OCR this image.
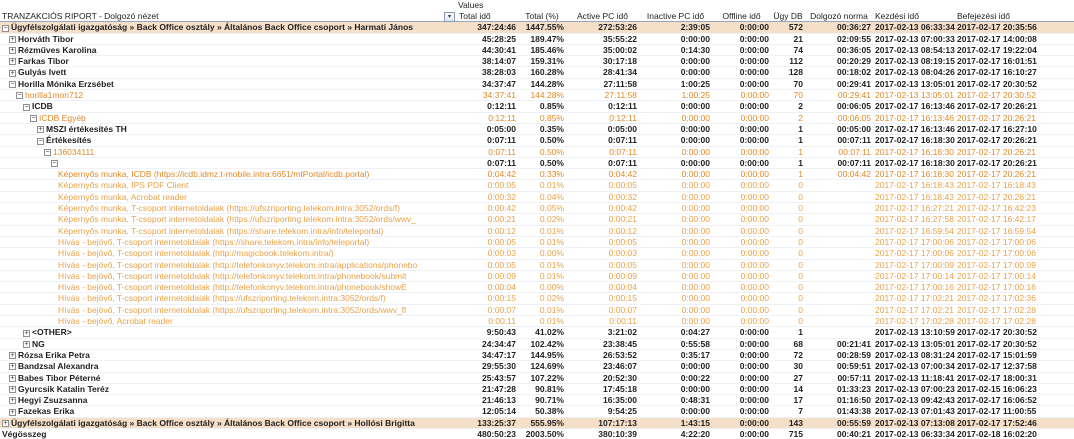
▾
	Values								
TRANZAKCIÓS RIPORT - Dolgozó nézet	Total idő	Total (%)	Active PC idő	Inactive PC idő	Offline idő	Ügy DB	Dolgozó norma	Kezdési idő	Befejezési idő
− Ügyfélszolgálati igazgatóság » Back Office osztály » Általános Back Office csoport » Harmati János	347:24:46	1447.55%	272:53:26	2:39:05	0:00:00	572	00:36:27	2017-02-13 06:33:34	2017-02-17 20:35:56
+ Horváth Tibor	45:28:25	189.47%	35:55:22	0:00:00	0:00:00	21	02:09:55	2017-02-13 07:00:33	2017-02-17 14:00:08
+ Rézműves Karolina	44:30:41	185.46%	35:00:02	0:14:30	0:00:00	74	00:36:05	2017-02-13 08:54:13	2017-02-17 19:22:04
+ Farkas Tibor	38:14:07	159.31%	30:17:18	0:00:00	0:00:00	112	00:20:29	2017-02-13 08:19:15	2017-02-17 16:01:51
+ Gulyás Ivett	38:28:03	160.28%	28:41:34	0:00:00	0:00:00	128	00:18:02	2017-02-13 08:04:26	2017-02-17 16:10:27
− Horilla Mónika Erzsébet	34:37:47	144.28%	27:11:58	1:00:25	0:00:00	70	00:29:41	2017-02-13 13:05:01	2017-02-17 20:30:52
− horilla1mon712	34:37:41	144.28%	27:11:58	1:00:25	0:00:00	70	00:29:41	2017-02-13 13:05:01	2017-02-17 20:30:52
− ICDB	0:12:11	0.85%	0:12:11	0:00:00	0:00:00	2	00:06:05	2017-02-17 16:13:46	2017-02-17 20:26:21
− ICDB Egyéb	0:12:11	0.85%	0:12:11	0:00:00	0:00:00	2	00:06:05	2017-02-17 16:13:46	2017-02-17 20:26:21
+ MSZI értékesítés TH	0:05:00	0.35%	0:05:00	0:00:00	0:00:00	1	00:05:00	2017-02-17 16:13:46	2017-02-17 16:27:10
− Értékesítés	0:07:11	0.50%	0:07:11	0:00:00	0:00:00	1	00:07:11	2017-02-17 16:18:30	2017-02-17 20:26:21
− 136034111	0:07:11	0.50%	0:07:11	0:00:00	0:00:00	1	00:07:11	2017-02-17 16:18:30	2017-02-17 20:26:21
−	0:07:11	0.50%	0:07:11	0:00:00	0:00:00	1	00:07:11	2017-02-17 16:18:30	2017-02-17 20:26:21
Képernyős munka, ICDB (https://icdb.idmz.t-mobile.intra:6651/mtPortal/icdb.portal)	0:04:42	0.33%	0:04:42	0:00:00	0:00:00	1	00:04:42	2017-02-17 16:18:30	2017-02-17 20:26:21
Képernyős munka, IPS PDF Client	0:00:05	0.01%	0:00:05	0:00:00	0:00:00	0		2017-02-17 16:18:43	2017-02-17 16:18:43
Képernyős munka, Acrobat reader	0:00:32	0.04%	0:00:32	0:00:00	0:00:00	0		2017-02-17 16:18:43	2017-02-17 20:26:21
Képernyős munka, T-csoport internetoldalak (https://ufszriporting.telekom.intra:3052/ords/f)	0:00:42	0.05%	0:00:42	0:00:00	0:00:00	0		2017-02-17 16:27:21	2017-02-17 16:42:23
Képernyős munka, T-csoport internetoldalak (https://ufszriporting.telekom.intra:3052/ords/wwv_	0:00:21	0.02%	0:00:21	0:00:00	0:00:00	0		2017-02-17 16:27:58	2017-02-17 16:42:17
Képernyős munka, T-csoport internetoldalak (https://share.telekom.intra/info/teleportal)	0:00:12	0.01%	0:00:12	0:00:00	0:00:00	0		2017-02-17 16:59:54	2017-02-17 16:59:54
Hívás - bejövő, T-csoport internetoldalak (https://share.telekom.intra/info/teleportal)	0:00:05	0.01%	0:00:05	0:00:00	0:00:00	0		2017-02-17 17:00:06	2017-02-17 17:00:06
Hívás - bejövő, T-csoport internetoldalak (http://magicbook.telekom.intra/)	0:00:03	0.00%	0:00:03	0:00:00	0:00:00	0		2017-02-17 17:00:06	2017-02-17 17:00:06
Hívás - bejövő, T-csoport internetoldalak (http://telefonkonyv.telekom.intra/applications/phonebo	0:00:05	0.01%	0:00:05	0:00:00	0:00:00	0		2017-02-17 17:00:09	2017-02-17 17:00:09
Hívás - bejövő, T-csoport internetoldalak (http://telefonkonyv.telekom.intra/phonebook/submit	0:00:09	0.01%	0:00:09	0:00:00	0:00:00	0		2017-02-17 17:00:14	2017-02-17 17:00:14
Hívás - bejövő, T-csoport internetoldalak (http://telefonkonyv.telekom.intra/phonebook/showE	0:00:04	0.00%	0:00:04	0:00:00	0:00:00	0		2017-02-17 17:00:16	2017-02-17 17:00:16
Hívás - bejövő, T-csoport internetoldalak (https://ufszriporting.telekom.intra:3052/ords/f)	0:00:15	0.02%	0:00:15	0:00:00	0:00:00	0		2017-02-17 17:02:21	2017-02-17 17:02:36
Hívás - bejövő, T-csoport internetoldalak (https://ufszriporting.telekom.intra:3052/ords/wwv_fl	0:00:07	0.01%	0:00:07	0:00:00	0:00:00	0		2017-02-17 17:02:21	2017-02-17 17:02:28
Hívás - bejövő, Acrobat reader	0:00:11	0.01%	0:00:11	0:00:00	0:00:00	0		2017-02-17 17:02:28	2017-02-17 17:02:28
+ <OTHER>	9:50:43	41.02%	3:21:02	0:04:27	0:00:00	1		2017-02-13 13:10:59	2017-02-17 20:30:52
+ NG	24:34:47	102.42%	23:38:45	0:55:58	0:00:00	68	00:21:41	2017-02-13 13:05:01	2017-02-17 20:30:52
+ Rózsa Erika Petra	34:47:17	144.95%	26:53:52	0:35:17	0:00:00	72	00:28:59	2017-02-13 08:31:24	2017-02-17 15:01:59
+ Bandzsal Alexandra	29:55:30	124.69%	23:46:07	0:00:00	0:00:00	30	00:59:51	2017-02-13 07:00:34	2017-02-17 12:37:58
+ Babes Tibor Péterné	25:43:57	107.22%	20:52:30	0:00:22	0:00:00	27	00:57:11	2017-02-13 11:18:41	2017-02-17 18:00:31
+ Gyurcsik Katalin Teréz	21:47:28	90.81%	17:45:18	0:00:00	0:00:00	14	01:33:23	2017-02-13 07:00:23	2017-02-15 16:06:23
+ Hegyi Zsuzsanna	21:46:13	90.71%	16:35:00	0:48:31	0:00:00	17	01:16:50	2017-02-13 09:42:43	2017-02-17 16:06:52
+ Fazekas Erika	12:05:14	50.38%	9:54:25	0:00:00	0:00:00	7	01:43:38	2017-02-13 07:01:43	2017-02-17 11:00:55
+ Ügyfélszolgálati igazgatóság » Back Office osztály » Általános Back Office csoport » Hollósi Brigitta	133:25:37	555.95%	107:17:13	1:43:15	0:00:00	143	00:55:59	2017-02-13 07:13:08	2017-02-17 17:52:46
Végösszeg	480:50:23	2003.50%	380:10:39	4:22:20	0:00:00	715	00:40:21	2017-02-13 06:33:34	2017-02-18 16:02:20
